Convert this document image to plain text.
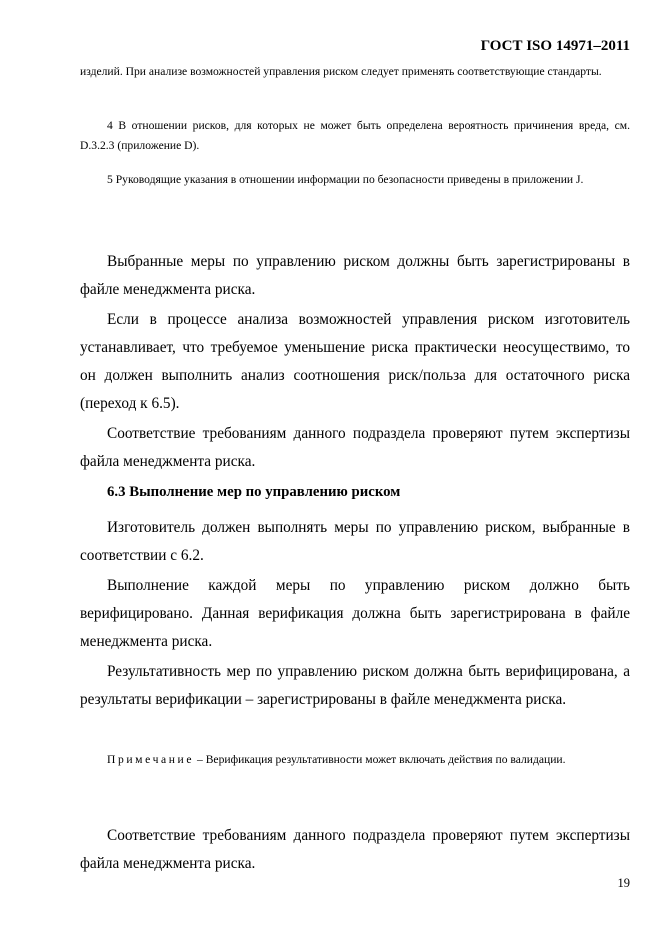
ГОСТ ISO 14971–2011
изделий. При анализе возможностей управления риском следует применять соответствующие стандарты.
4 В отношении рисков, для которых не может быть определена вероятность причинения вреда, см. D.3.2.3 (приложение D).
5 Руководящие указания в отношении информации по безопасности приведены в приложении J.
Выбранные меры по управлению риском должны быть зарегистрированы в файле менеджмента риска.
Если в процессе анализа возможностей управления риском изготовитель устанавливает, что требуемое уменьшение риска практически неосуществимо, то он должен выполнить анализ соотношения риск/польза для остаточного риска (переход к 6.5).
Соответствие требованиям данного подраздела проверяют путем экспертизы файла менеджмента риска.
6.3 Выполнение мер по управлению риском
Изготовитель должен выполнять меры по управлению риском, выбранные в соответствии с 6.2.
Выполнение каждой меры по управлению риском должно быть верифицировано. Данная верификация должна быть зарегистрирована в файле менеджмента риска.
Результативность мер по управлению риском должна быть верифицирована, а результаты верификации – зарегистрированы в файле менеджмента риска.
Примечание – Верификация результативности может включать действия по валидации.
Соответствие требованиям данного подраздела проверяют путем экспертизы файла менеджмента риска.
19
